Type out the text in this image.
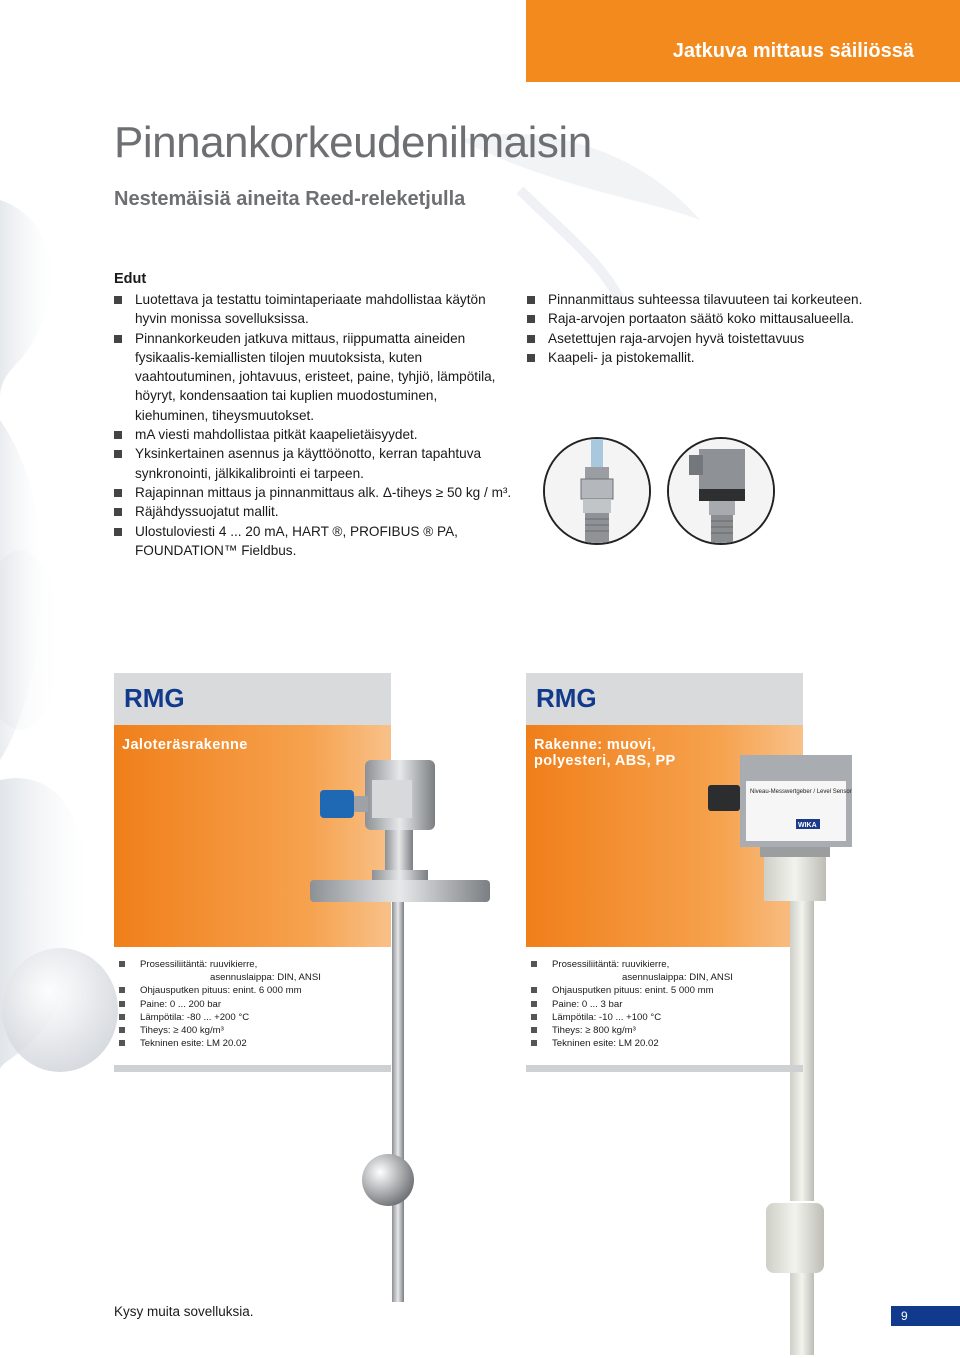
Jatkuva mittaus säiliössä
Pinnankorkeudenilmaisin
Nestemäisiä aineita Reed-releketjulla
Edut
Luotettava ja testattu toimintaperiaate mahdollistaa käytön hyvin monissa sovelluksissa.
Pinnankorkeuden jatkuva mittaus, riippumatta aineiden fysikaalis-kemiallisten tilojen muutoksista, kuten vaahtoutuminen, johtavuus, eristeet, paine, tyhjiö, lämpötila, höyryt, kondensaation tai kuplien muodostuminen, kiehuminen, tiheysmuutokset.
mA viesti mahdollistaa pitkät kaapelietäisyydet.
Yksinkertainen asennus ja käyttöönotto, kerran tapahtuva synkronointi, jälkikalibrointi ei tarpeen.
Rajapinnan mittaus ja pinnanmittaus alk. Δ-tiheys ≥ 50 kg / m³.
Räjähdyssuojatut mallit.
Ulostuloviesti 4 ... 20 mA, HART ®, PROFIBUS ® PA, FOUNDATION™ Fieldbus.
Pinnanmittaus suhteessa tilavuuteen tai korkeuteen.
Raja-arvojen portaaton säätö koko mittausalueella.
Asetettujen raja-arvojen hyvä toistettavuus
Kaapeli- ja pistokemallit.
RMG
Jaloteräsrakenne
RMG
Rakenne: muovi, polyesteri, ABS, PP
Niveau-Messwertgeber / Level Sensor
WIKA
Prosessiliitäntä: ruuvikierre,
asennuslaippa: DIN, ANSI
Ohjausputken pituus: enint. 6 000 mm
Paine: 0 ... 200 bar
Lämpötila: -80 ... +200 °C
Tiheys: ≥ 400 kg/m³
Tekninen esite: LM 20.02
Prosessiliitäntä: ruuvikierre,
asennuslaippa: DIN, ANSI
Ohjausputken pituus: enint. 5 000 mm
Paine: 0 ... 3 bar
Lämpötila: -10 ... +100 °C
Tiheys: ≥ 800 kg/m³
Tekninen esite: LM 20.02
Kysy muita sovelluksia.	9
